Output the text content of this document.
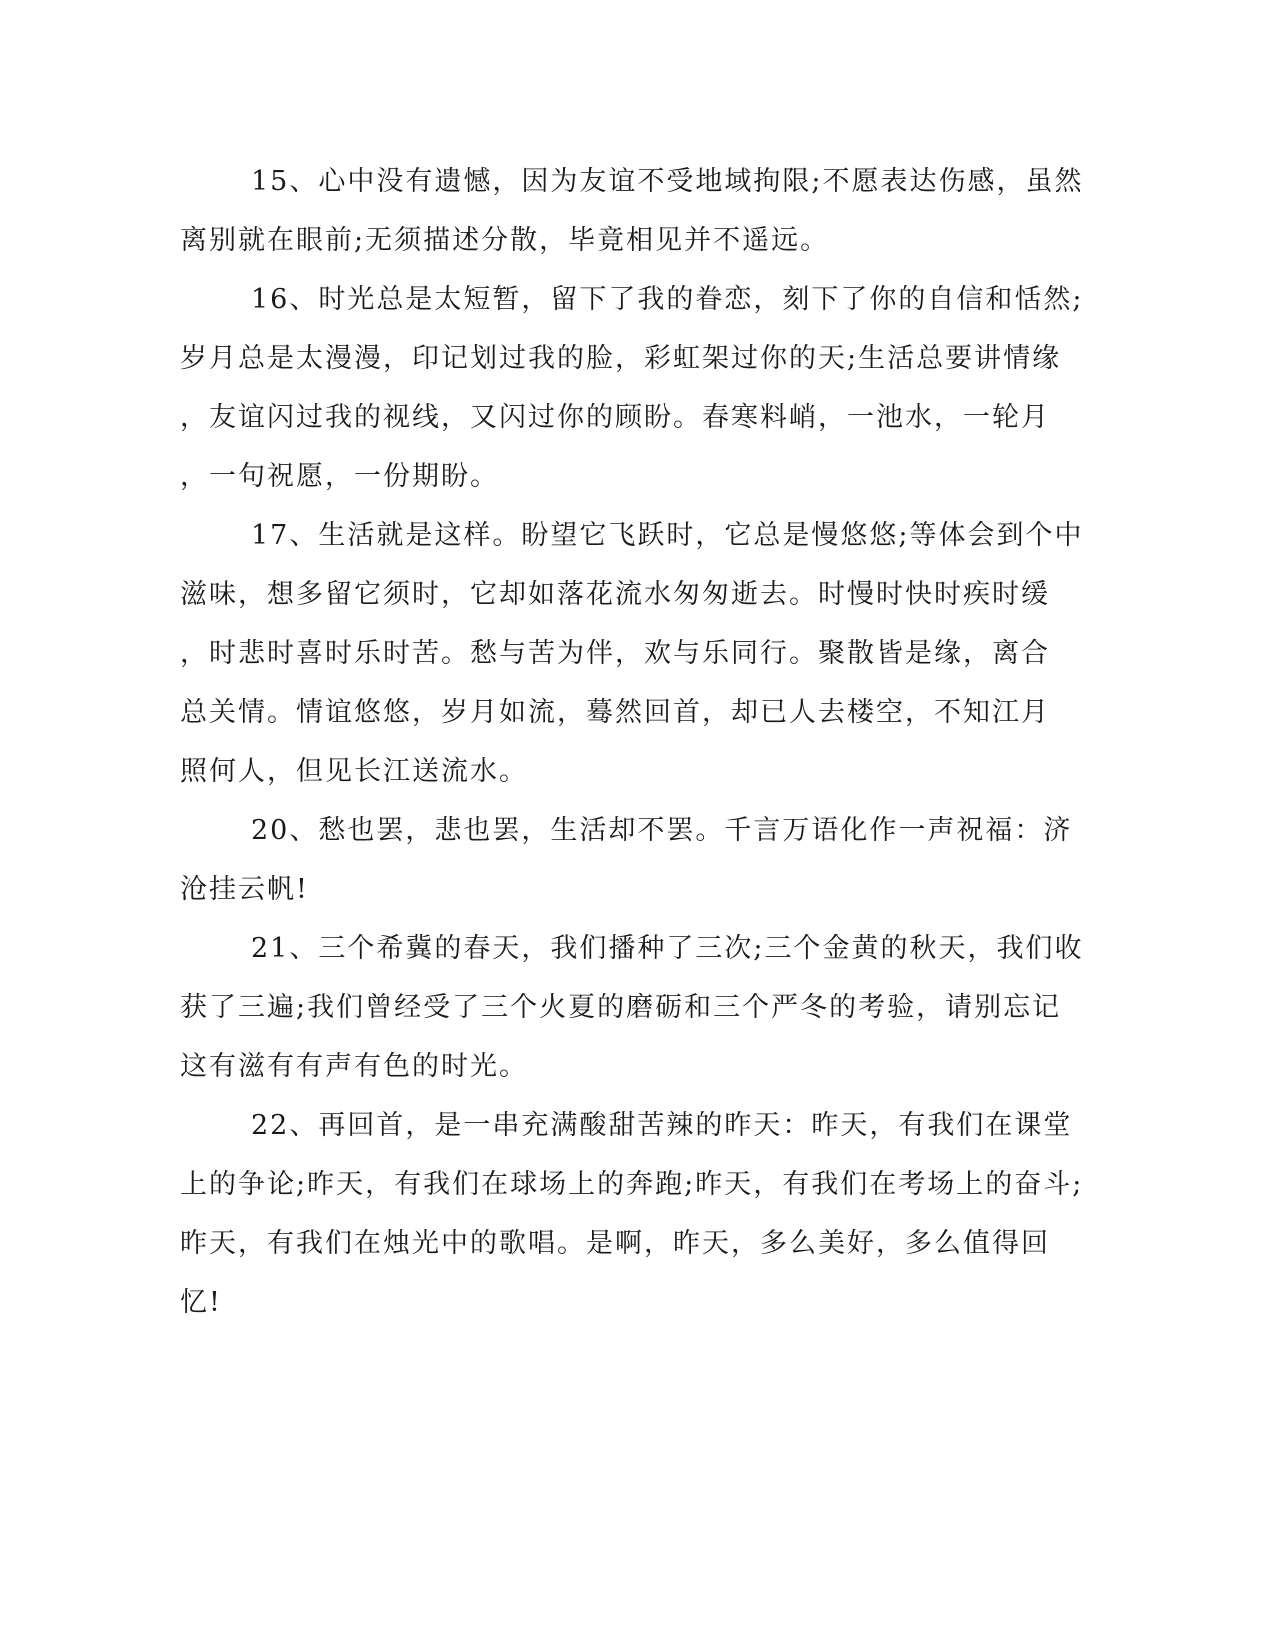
15、心中没有遗憾，因为友谊不受地域拘限;不愿表达伤感，虽然
离别就在眼前;无须描述分散，毕竟相见并不遥远。

16、时光总是太短暂，留下了我的眷恋，刻下了你的自信和恬然;
岁月总是太漫漫，印记划过我的脸，彩虹架过你的天;生活总要讲情缘
，友谊闪过我的视线，又闪过你的顾盼。春寒料峭，一池水，一轮月
，一句祝愿，一份期盼。

17、生活就是这样。盼望它飞跃时，它总是慢悠悠;等体会到个中
滋味，想多留它须时，它却如落花流水匆匆逝去。时慢时快时疾时缓
，时悲时喜时乐时苦。愁与苦为伴，欢与乐同行。聚散皆是缘，离合
总关情。情谊悠悠，岁月如流，蓦然回首，却已人去楼空，不知江月
照何人，但见长江送流水。

20、愁也罢，悲也罢，生活却不罢。千言万语化作一声祝福：济
沧挂云帆!

21、三个希冀的春天，我们播种了三次;三个金黄的秋天，我们收
获了三遍;我们曾经受了三个火夏的磨砺和三个严冬的考验，请别忘记
这有滋有有声有色的时光。

22、再回首，是一串充满酸甜苦辣的昨天：昨天，有我们在课堂
上的争论;昨天，有我们在球场上的奔跑;昨天，有我们在考场上的奋斗;
昨天，有我们在烛光中的歌唱。是啊，昨天，多么美好，多么值得回
忆!
